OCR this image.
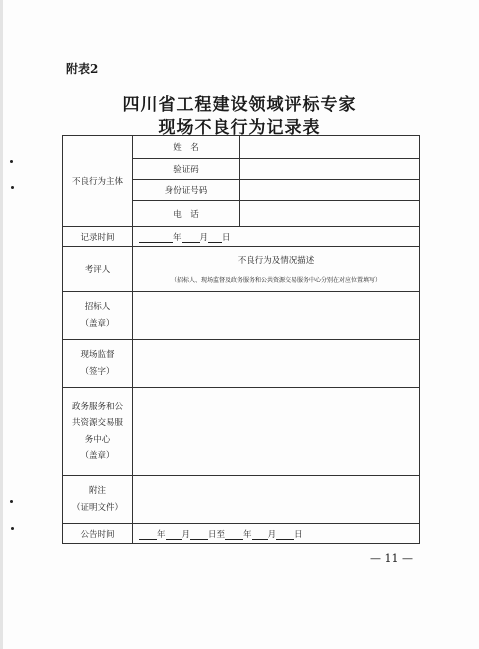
附表2
四川省工程建设领域评标专家
现场不良行为记录表
不良行为主体	姓　名	
	验证码	
	身份证号码	
	电　话	
记录时间	年 月 日	
考评人	不良行为及情况描述
（招标人、现场监督及政务服务和公共资源交易服务中心分别在对应位置填写）	

招标人
（盖章）		

现场监督
（签字）		

政务服务和公
共资源交易服
务中心
（盖章）		

附注
（证明文件）		

公告时间	年 月 日至 年 月 日	
— 11 —
